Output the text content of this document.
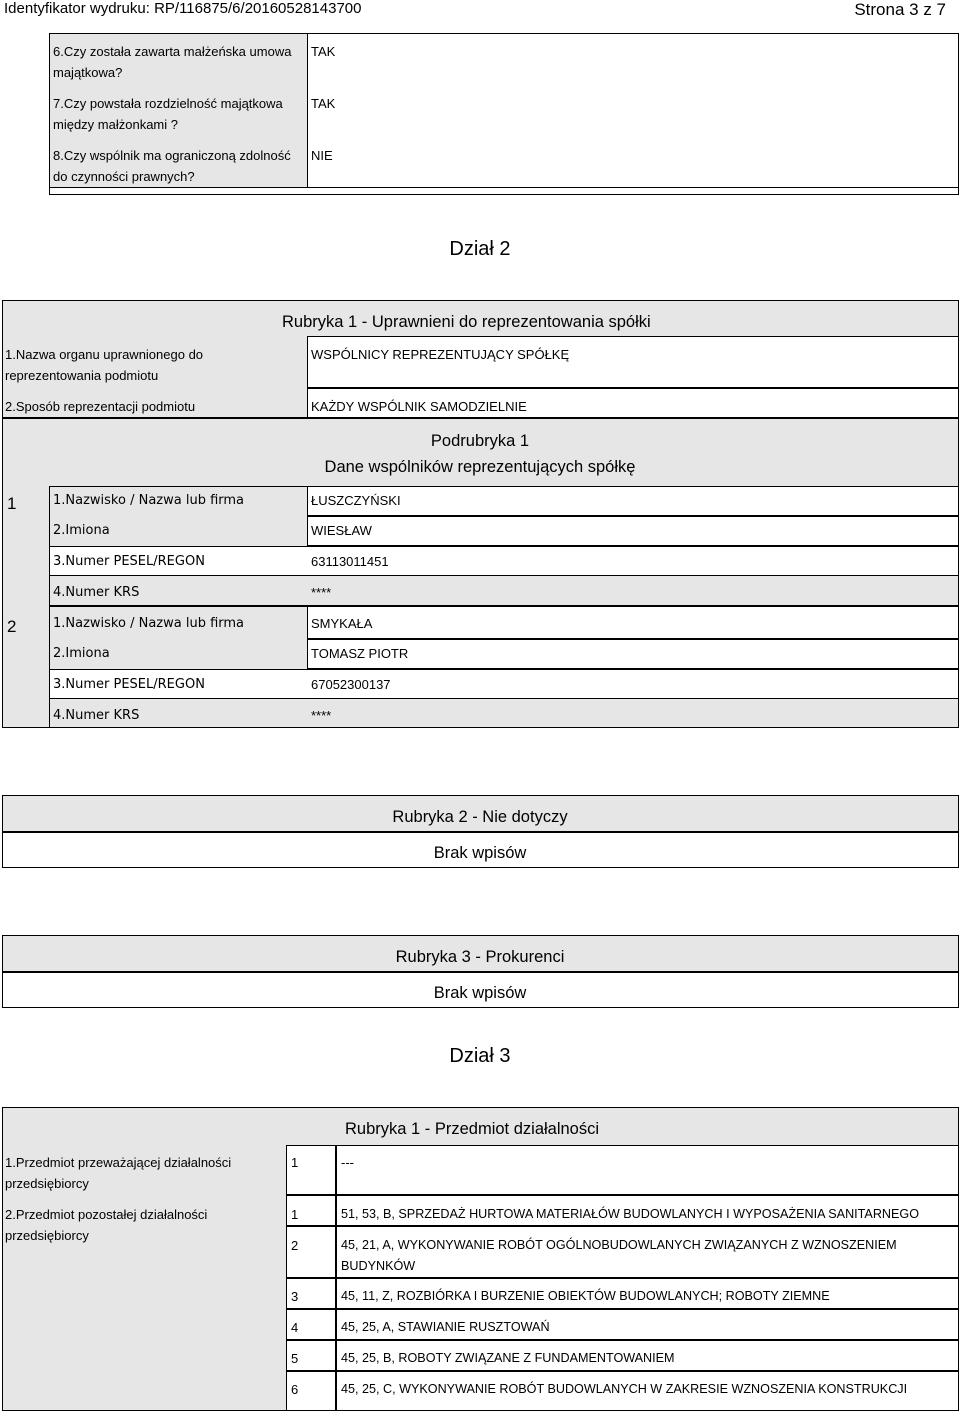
Identyfikator wydruku: RP/116875/6/20160528143700	Strona 3 z 7
6.Czy została zawarta małżeńska umowa majątkowa?
TAK
7.Czy powstała rozdzielność majątkowa między małżonkami ?
TAK
8.Czy wspólnik ma ograniczoną zdolność do czynności prawnych?
NIE
Dział 2
Rubryka 1 - Uprawnieni do reprezentowania spółki
1.Nazwa organu uprawnionego do reprezentowania podmiotu
WSPÓLNICY REPREZENTUJĄCY SPÓŁKĘ
2.Sposób reprezentacji podmiotu	KAŻDY WSPÓLNIK SAMODZIELNIE
Podrubryka 1
Dane wspólników reprezentujących spółkę
1	1.Nazwisko / Nazwa lub firma	ŁUSZCZYŃSKI
2.Imiona	WIESŁAW
3.Numer PESEL/REGON	63113011451
4.Numer KRS	****
2	1.Nazwisko / Nazwa lub firma	SMYKAŁA
2.Imiona	TOMASZ PIOTR
3.Numer PESEL/REGON	67052300137
4.Numer KRS	****
Rubryka 2 - Nie dotyczy
Brak wpisów
Rubryka 3 - Prokurenci
Brak wpisów
Dział 3
Rubryka 1 - Przedmiot działalności
1.Przedmiot przeważającej działalności przedsiębiorcy
1	---
2.Przedmiot pozostałej działalności przedsiębiorcy
1	51, 53, B, SPRZEDAŻ HURTOWA MATERIAŁÓW BUDOWLANYCH I WYPOSAŻENIA SANITARNEGO
2	45, 21, A, WYKONYWANIE ROBÓT OGÓLNOBUDOWLANYCH ZWIĄZANYCH Z WZNOSZENIEM BUDYNKÓW
3	45, 11, Z, ROZBIÓRKA I BURZENIE OBIEKTÓW BUDOWLANYCH; ROBOTY ZIEMNE
4	45, 25, A, STAWIANIE RUSZTOWAŃ
5	45, 25, B, ROBOTY ZWIĄZANE Z FUNDAMENTOWANIEM
6	45, 25, C, WYKONYWANIE ROBÓT BUDOWLANYCH W ZAKRESIE WZNOSZENIA KONSTRUKCJI
